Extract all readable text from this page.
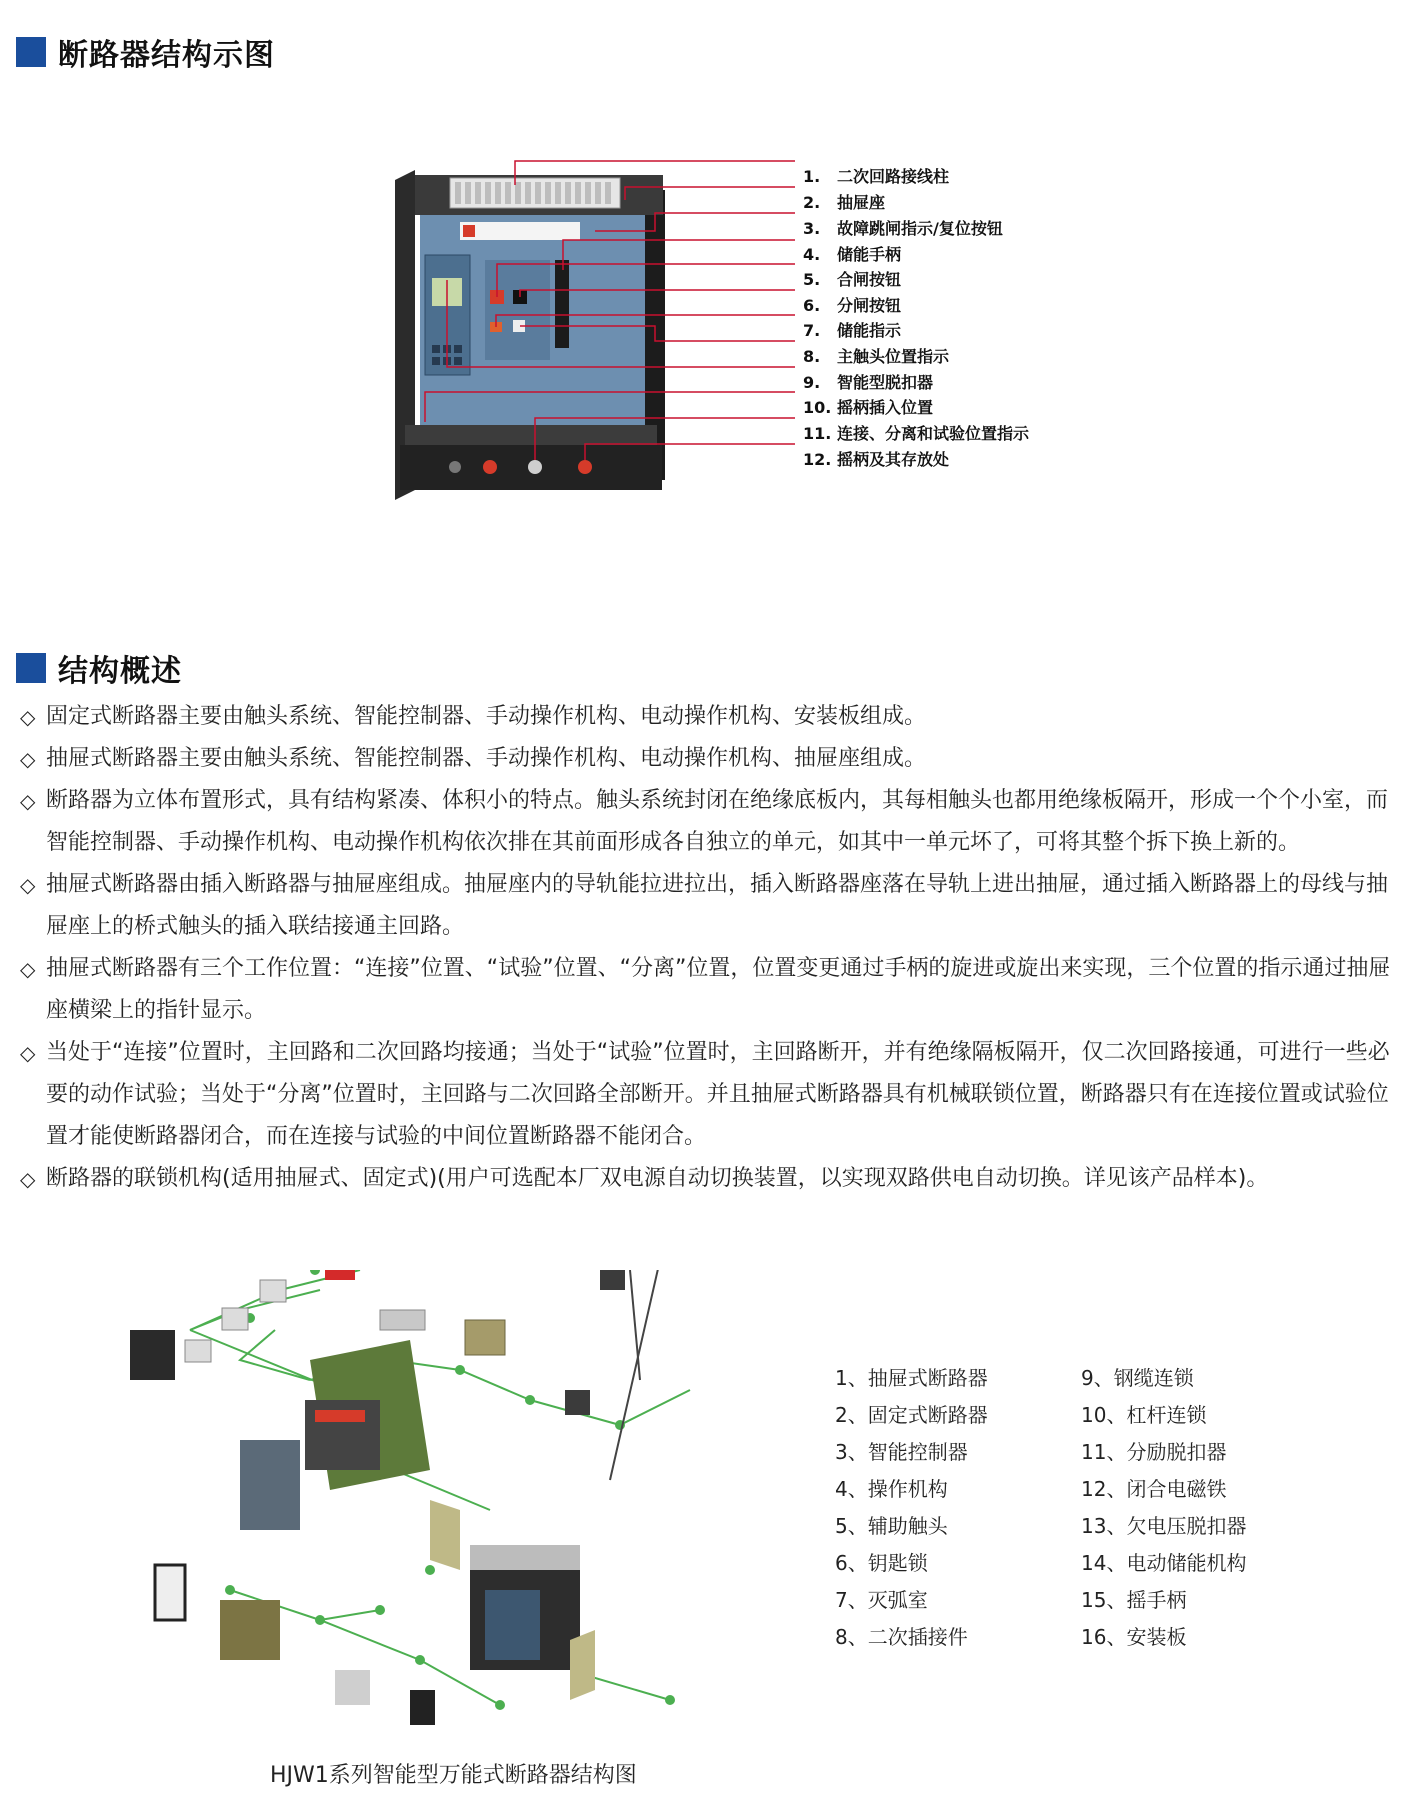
断路器结构示图
1. 二次回路接线柱
2. 抽屉座
3. 故障跳闸指示/复位按钮
4. 储能手柄
5. 合闸按钮
6. 分闸按钮
7. 储能指示
8. 主触头位置指示
9. 智能型脱扣器
10. 摇柄插入位置
11. 连接、分离和试验位置指示
12. 摇柄及其存放处
结构概述
◇ 固定式断路器主要由触头系统、智能控制器、手动操作机构、电动操作机构、安装板组成。
◇ 抽屉式断路器主要由触头系统、智能控制器、手动操作机构、电动操作机构、抽屉座组成。
◇ 断路器为立体布置形式，具有结构紧凑、体积小的特点。触头系统封闭在绝缘底板内，其每相触头也都用绝缘板隔开，形成一个个小室，而智能控制器、手动操作机构、电动操作机构依次排在其前面形成各自独立的单元，如其中一单元坏了，可将其整个拆下换上新的。
◇ 抽屉式断路器由插入断路器与抽屉座组成。抽屉座内的导轨能拉进拉出，插入断路器座落在导轨上进出抽屉，通过插入断路器上的母线与抽屉座上的桥式触头的插入联结接通主回路。
◇ 抽屉式断路器有三个工作位置：“连接”位置、“试验”位置、“分离”位置，位置变更通过手柄的旋进或旋出来实现，三个位置的指示通过抽屉座横梁上的指针显示。
◇ 当处于“连接”位置时，主回路和二次回路均接通；当处于“试验”位置时，主回路断开，并有绝缘隔板隔开，仅二次回路接通，可进行一些必要的动作试验；当处于“分离”位置时，主回路与二次回路全部断开。并且抽屉式断路器具有机械联锁位置，断路器只有在连接位置或试验位置才能使断路器闭合，而在连接与试验的中间位置断路器不能闭合。
◇ 断路器的联锁机构(适用抽屉式、固定式)(用户可选配本厂双电源自动切换装置，以实现双路供电自动切换。详见该产品样本)。
HJW1系列智能型万能式断路器结构图
1、抽屉式断路器
2、固定式断路器
3、智能控制器
4、操作机构
5、辅助触头
6、钥匙锁
7、灭弧室
8、二次插接件
9、钢缆连锁
10、杠杆连锁
11、分励脱扣器
12、闭合电磁铁
13、欠电压脱扣器
14、电动储能机构
15、摇手柄
16、安装板
